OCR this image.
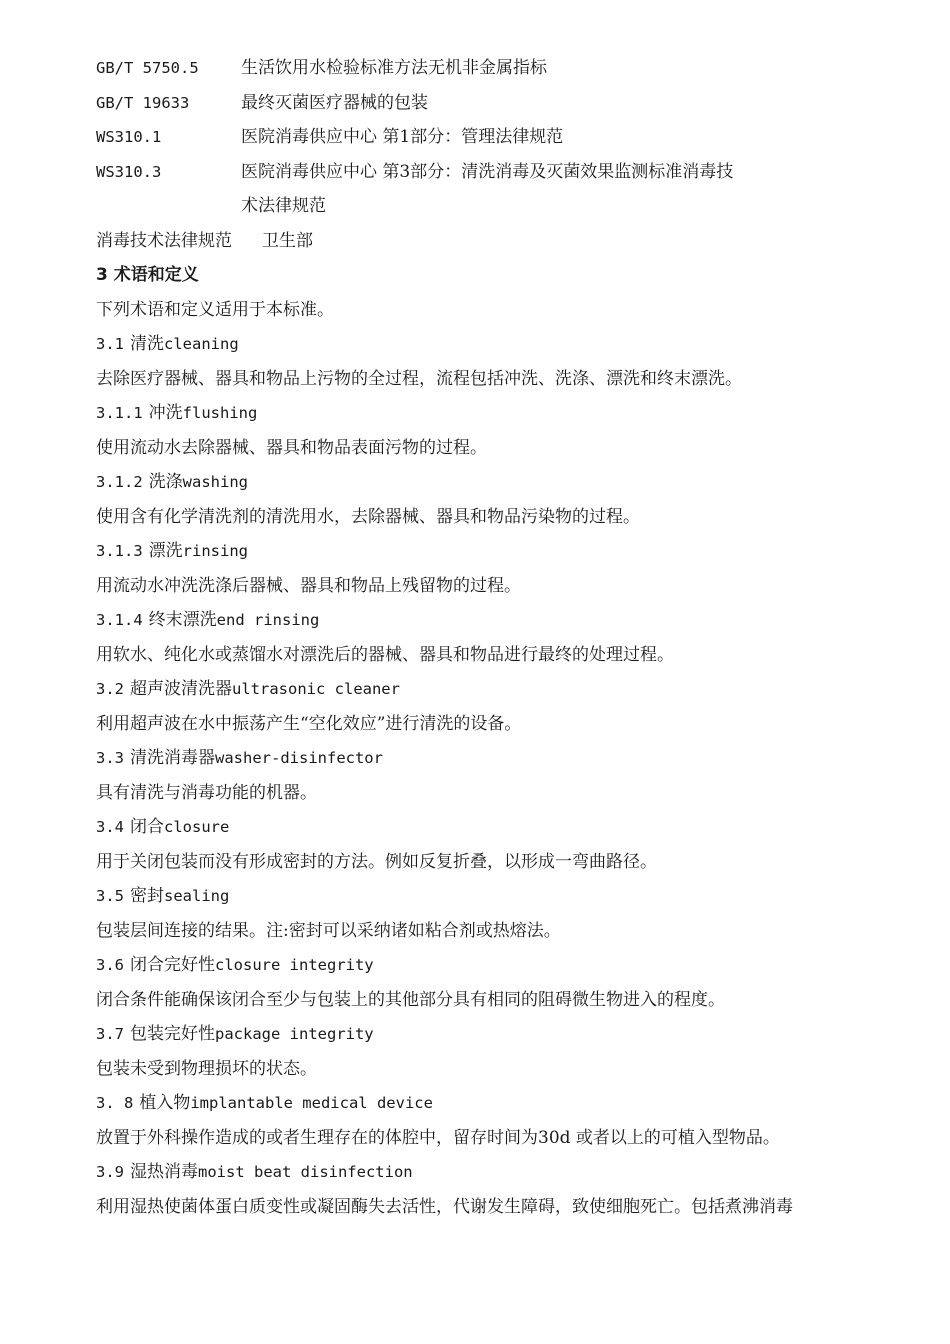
GB/T 5750.5	生活饮用水检验标准方法无机非金属指标
GB/T 19633	最终灭菌医疗器械的包装
WS310.1	医院消毒供应中心 第1部分：管理法律规范
WS310.3	医院消毒供应中心 第3部分：清洗消毒及灭菌效果监测标准消毒技
术法律规范
消毒技术法律规范 卫生部
3 术语和定义
下列术语和定义适用于本标准。
3.1 清洗cleaning
去除医疗器械、器具和物品上污物的全过程，流程包括冲洗、洗涤、漂洗和终末漂洗。
3.1.1 冲洗flushing
使用流动水去除器械、器具和物品表面污物的过程。
3.1.2 洗涤washing
使用含有化学清洗剂的清洗用水，去除器械、器具和物品污染物的过程。
3.1.3 漂洗rinsing
用流动水冲洗洗涤后器械、器具和物品上残留物的过程。
3.1.4 终末漂洗end rinsing
用软水、纯化水或蒸馏水对漂洗后的器械、器具和物品进行最终的处理过程。
3.2 超声波清洗器ultrasonic cleaner
利用超声波在水中振荡产生“空化效应”进行清洗的设备。
3.3 清洗消毒器washer-disinfector
具有清洗与消毒功能的机器。
3.4 闭合closure
用于关闭包装而没有形成密封的方法。例如反复折叠，以形成一弯曲路径。
3.5 密封sealing
包装层间连接的结果。注:密封可以采纳诸如粘合剂或热熔法。
3.6 闭合完好性closure integrity
闭合条件能确保该闭合至少与包装上的其他部分具有相同的阻碍微生物进入的程度。
3.7 包装完好性package integrity
包装未受到物理损坏的状态。
3. 8 植入物implantable medical device
放置于外科操作造成的或者生理存在的体腔中，留存时间为30d 或者以上的可植入型物品。
3.9 湿热消毒moist beat disinfection
利用湿热使菌体蛋白质变性或凝固酶失去活性，代谢发生障碍，致使细胞死亡。包括煮沸消毒
